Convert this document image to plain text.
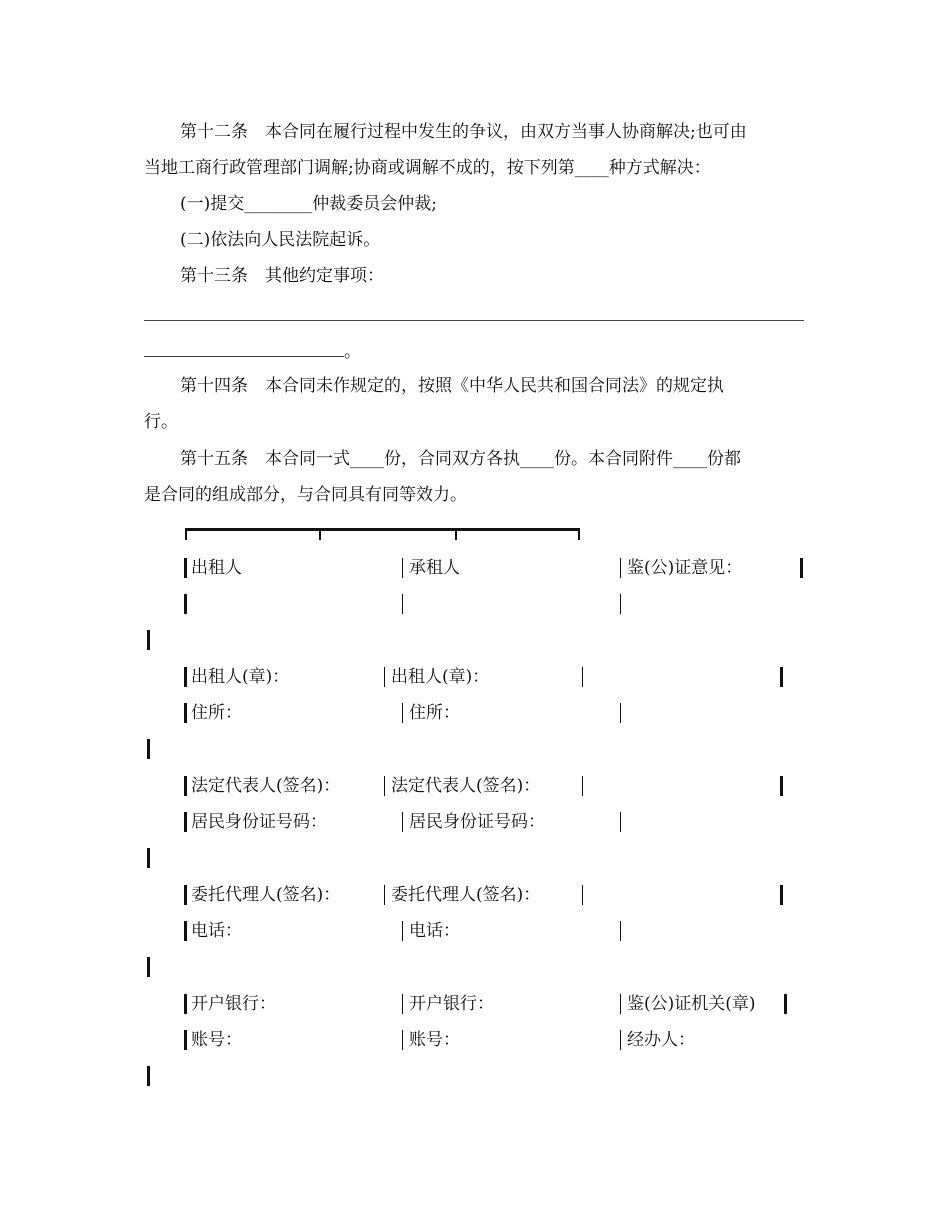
第十二条　本合同在履行过程中发生的争议，由双方当事人协商解决;也可由
当地工商行政管理部门调解;协商或调解不成的，按下列第____种方式解决：
(一)提交________仲裁委员会仲裁;
(二)依法向人民法院起诉。
第十三条　其他约定事项：
。
第十四条　本合同未作规定的，按照《中华人民共和国合同法》的规定执
行。
第十五条　本合同一式____份，合同双方各执____份。本合同附件____份都
是合同的组成部分，与合同具有同等效力。
出租人	承租人	鉴(公)证意见：
出租人(章)：	出租人(章)：
住所：	住所：
法定代表人(签名)：	法定代表人(签名)：
居民身份证号码：	居民身份证号码：
委托代理人(签名)：	委托代理人(签名)：
电话：	电话：
开户银行：	开户银行：	鉴(公)证机关(章)
账号：	账号：	经办人：
